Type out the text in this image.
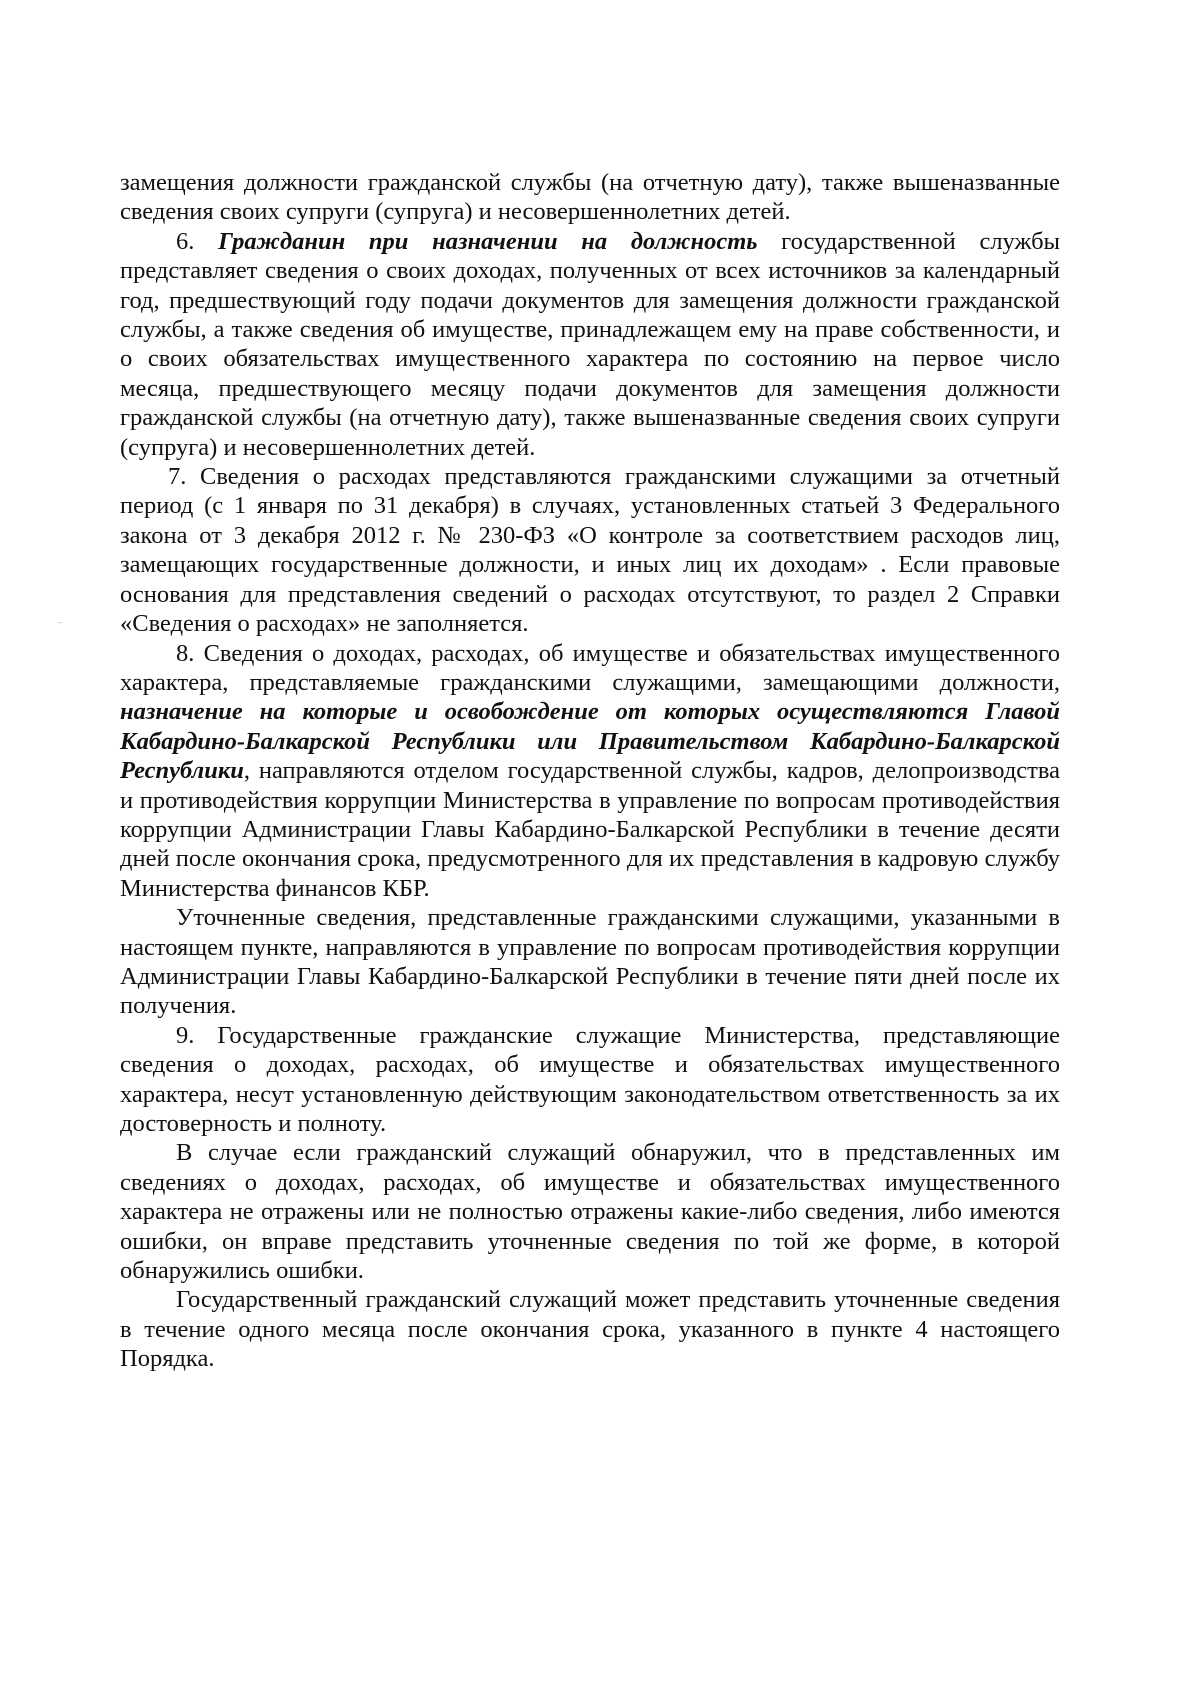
замещения должности гражданской службы (на отчетную дату), также вышеназванные сведения своих супруги (супруга) и несовершеннолетних детей.

6. Гражданин при назначении на должность государственной службы представляет сведения о своих доходах, полученных от всех источников за календарный год, предшествующий году подачи документов для замещения должности гражданской службы, а также сведения об имуществе, принадлежащем ему на праве собственности, и о своих обязательствах имущественного характера по состоянию на первое число месяца, предшествующего месяцу подачи документов для замещения должности гражданской службы (на отчетную дату), также вышеназванные сведения своих супруги (супруга) и несовершеннолетних детей.

7. Сведения о расходах представляются гражданскими служащими за отчетный период (с 1 января по 31 декабря) в случаях, установленных статьей 3 Федерального закона от 3 декабря 2012 г. № 230-ФЗ «О контроле за соответствием расходов лиц, замещающих государственные должности, и иных лиц их доходам» . Если правовые основания для представления сведений о расходах отсутствуют, то раздел 2 Справки «Сведения о расходах» не заполняется.

8. Сведения о доходах, расходах, об имуществе и обязательствах имущественного характера, представляемые гражданскими служащими, замещающими должности, назначение на которые и освобождение от которых осуществляются Главой Кабардино-Балкарской Республики или Правительством Кабардино-Балкарской Республики, направляются отделом государственной службы, кадров, делопроизводства и противодействия коррупции Министерства в управление по вопросам противодействия коррупции Администрации Главы Кабардино-Балкарской Республики в течение десяти дней после окончания срока, предусмотренного для их представления в кадровую службу Министерства финансов КБР.

Уточненные сведения, представленные гражданскими служащими, указанными в настоящем пункте, направляются в управление по вопросам противодействия коррупции Администрации Главы Кабардино-Балкарской Республики в течение пяти дней после их получения.

9. Государственные гражданские служащие Министерства, представляющие сведения о доходах, расходах, об имуществе и обязательствах имущественного характера, несут установленную действующим законодательством ответственность за их достоверность и полноту.

В случае если гражданский служащий обнаружил, что в представленных им сведениях о доходах, расходах, об имуществе и обязательствах имущественного характера не отражены или не полностью отражены какие-либо сведения, либо имеются ошибки, он вправе представить уточненные сведения по той же форме, в которой обнаружились ошибки.

Государственный гражданский служащий может представить уточненные сведения в течение одного месяца после окончания срока, указанного в пункте 4 настоящего Порядка.
